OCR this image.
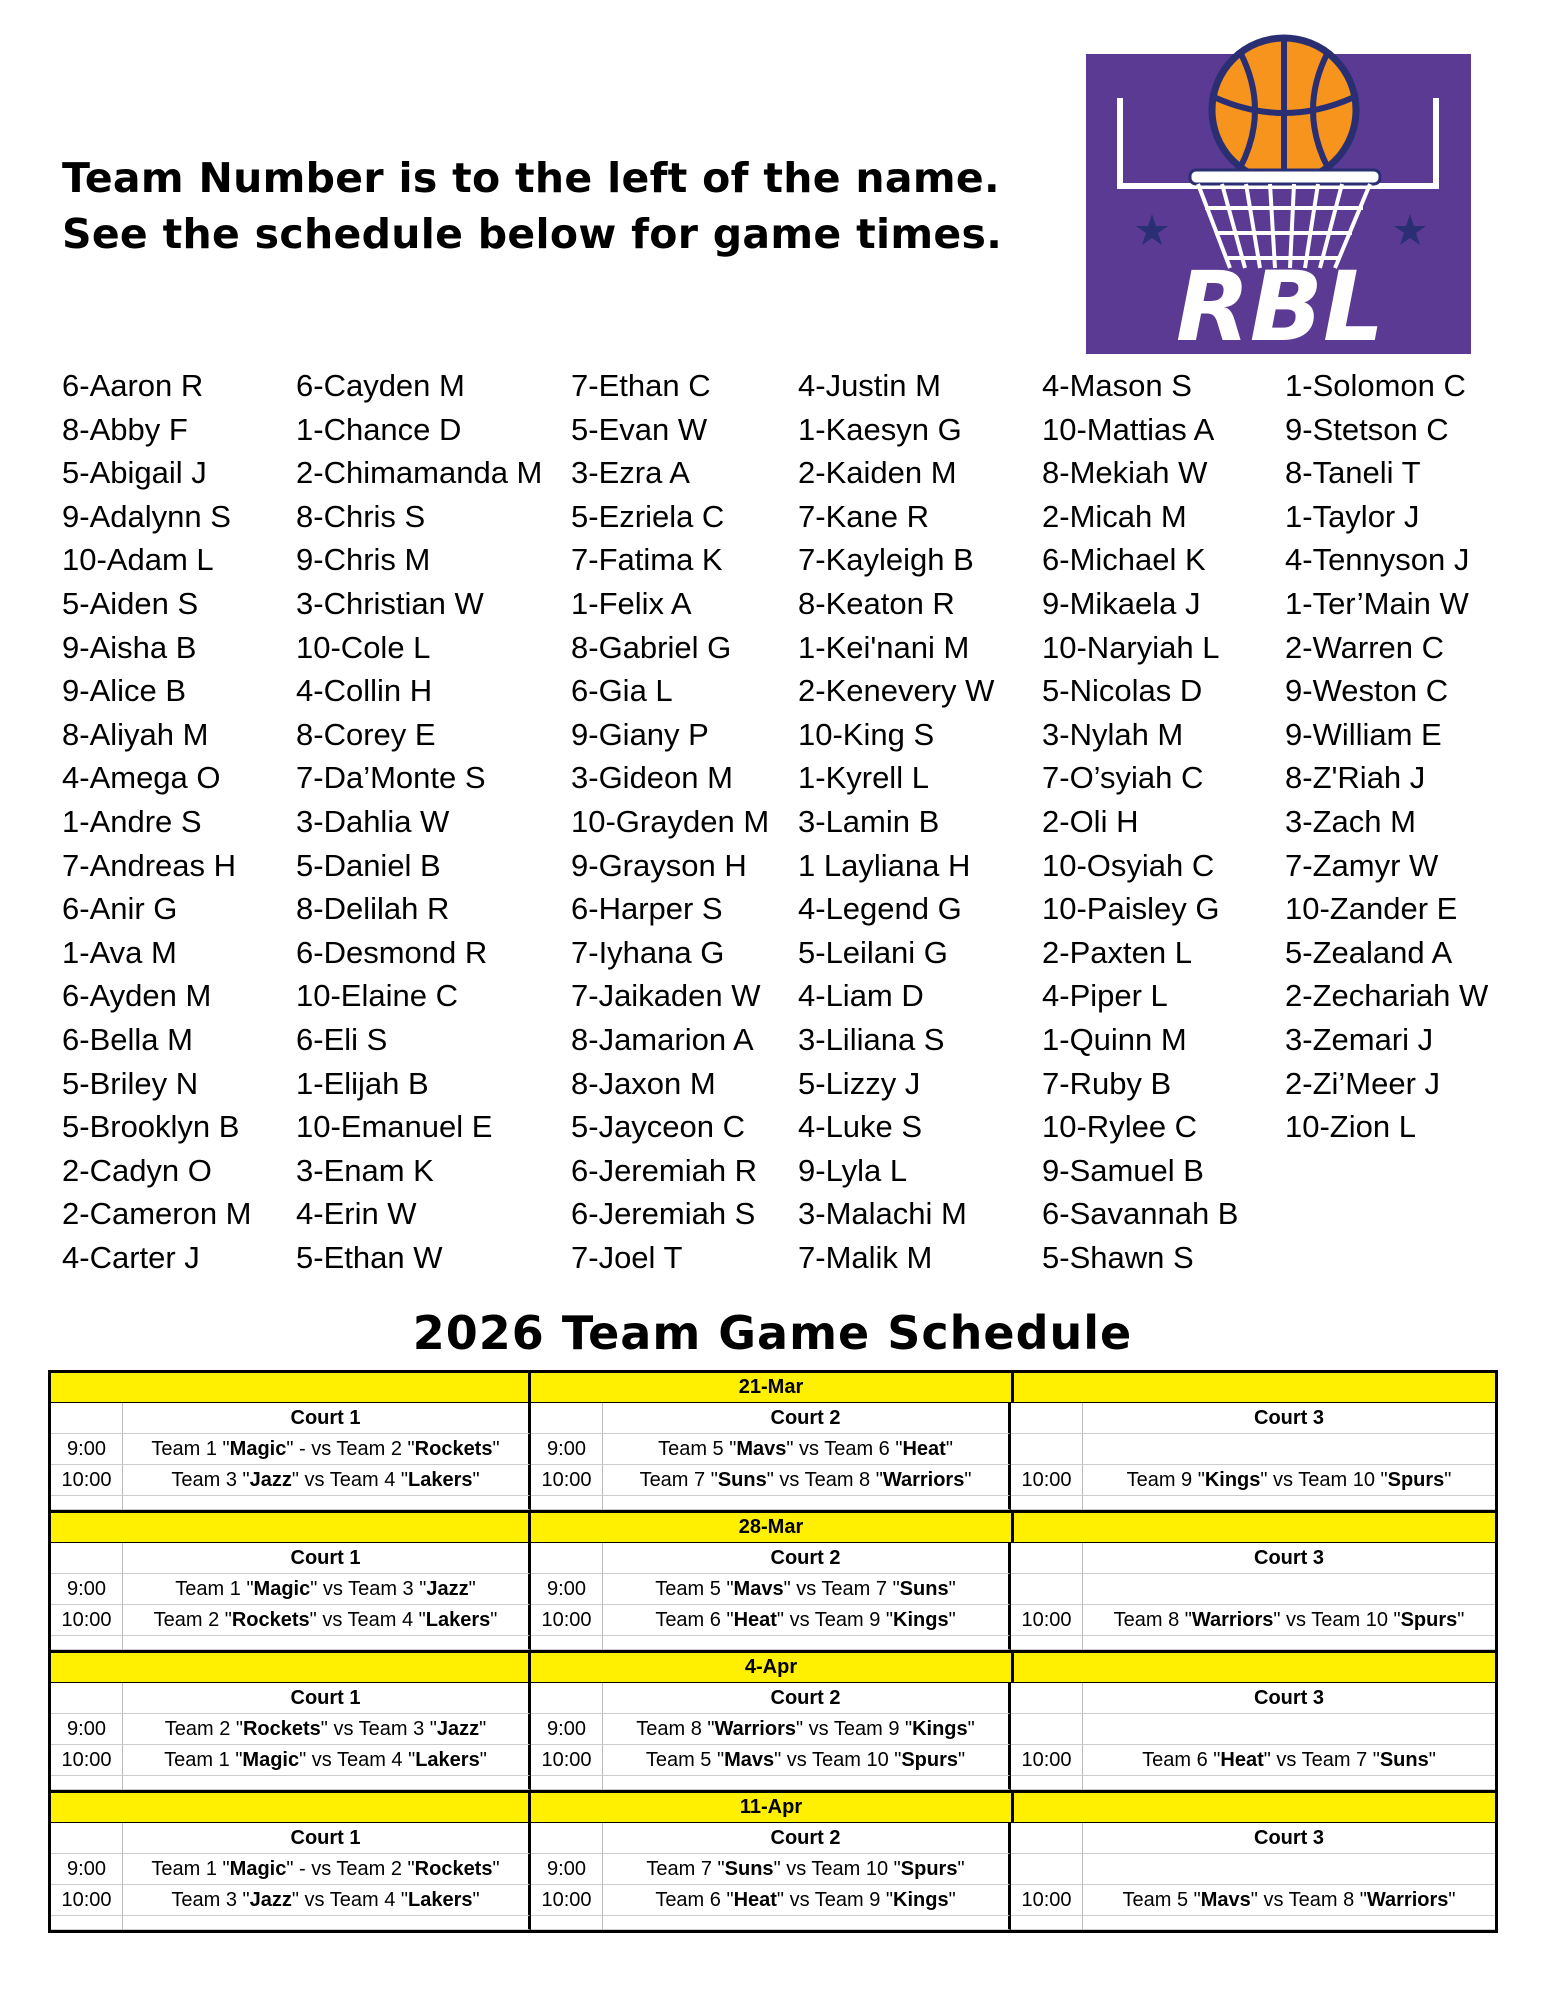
Team Number is to the left of the name.
See the schedule below for game times.
RBL
6-Aaron R
8-Abby F
5-Abigail J
9-Adalynn S
10-Adam L
5-Aiden S
9-Aisha B
9-Alice B
8-Aliyah M
4-Amega O
1-Andre S
7-Andreas H
6-Anir G
1-Ava M
6-Ayden M
6-Bella M
5-Briley N
5-Brooklyn B
2-Cadyn O
2-Cameron M
4-Carter J
6-Cayden M
1-Chance D
2-Chimamanda M
8-Chris S
9-Chris M
3-Christian W
10-Cole L
4-Collin H
8-Corey E
7-Da’Monte S
3-Dahlia W
5-Daniel B
8-Delilah R
6-Desmond R
10-Elaine C
6-Eli S
1-Elijah B
10-Emanuel E
3-Enam K
4-Erin W
5-Ethan W
7-Ethan C
5-Evan W
3-Ezra A
5-Ezriela C
7-Fatima K
1-Felix A
8-Gabriel G
6-Gia L
9-Giany P
3-Gideon M
10-Grayden M
9-Grayson H
6-Harper S
7-Iyhana G
7-Jaikaden W
8-Jamarion A
8-Jaxon M
5-Jayceon C
6-Jeremiah R
6-Jeremiah S
7-Joel T
4-Justin M
1-Kaesyn G
2-Kaiden M
7-Kane R
7-Kayleigh B
8-Keaton R
1-Kei'nani M
2-Kenevery W
10-King S
1-Kyrell L
3-Lamin B
1 Layliana H
4-Legend G
5-Leilani G
4-Liam D
3-Liliana S
5-Lizzy J
4-Luke S
9-Lyla L
3-Malachi M
7-Malik M
4-Mason S
10-Mattias A
8-Mekiah W
2-Micah M
6-Michael K
9-Mikaela J
10-Naryiah L
5-Nicolas D
3-Nylah M
7-O’syiah C
2-Oli H
10-Osyiah C
10-Paisley G
2-Paxten L
4-Piper L
1-Quinn M
7-Ruby B
10-Rylee C
9-Samuel B
6-Savannah B
5-Shawn S
1-Solomon C
9-Stetson C
8-Taneli T
1-Taylor J
4-Tennyson J
1-Ter’Main W
2-Warren C
9-Weston C
9-William E
8-Z'Riah J
3-Zach M
7-Zamyr W
10-Zander E
5-Zealand A
2-Zechariah W
3-Zemari J
2-Zi’Meer J
10-Zion L
2026 Team Game Schedule
21-Mar
Court 1	Court 2	Court 3
9:00	Team 1 " Magic " - vs Team 2 " Rockets "	9:00	Team 5 " Mavs " vs Team 6 " Heat "
10:00	Team 3 " Jazz " vs Team 4 " Lakers "	10:00	Team 7 " Suns " vs Team 8 " Warriors "	10:00	Team 9 " Kings " vs Team 10 " Spurs "
28-Mar
Court 1	Court 2	Court 3
9:00	Team 1 " Magic " vs Team 3 " Jazz "	9:00	Team 5 " Mavs " vs Team 7 " Suns "
10:00	Team 2 " Rockets " vs Team 4 " Lakers "	10:00	Team 6 " Heat " vs Team 9 " Kings "	10:00	Team 8 " Warriors " vs Team 10 " Spurs "
4-Apr
Court 1	Court 2	Court 3
9:00	Team 2 " Rockets " vs Team 3 " Jazz "	9:00	Team 8 " Warriors " vs Team 9 " Kings "
10:00	Team 1 " Magic " vs Team 4 " Lakers "	10:00	Team 5 " Mavs " vs Team 10 " Spurs "	10:00	Team 6 " Heat " vs Team 7 " Suns "
11-Apr
Court 1	Court 2	Court 3
9:00	Team 1 " Magic " - vs Team 2 " Rockets "	9:00	Team 7 " Suns " vs Team 10 " Spurs "
10:00	Team 3 " Jazz " vs Team 4 " Lakers "	10:00	Team 6 " Heat " vs Team 9 " Kings "	10:00	Team 5 " Mavs " vs Team 8 " Warriors "
